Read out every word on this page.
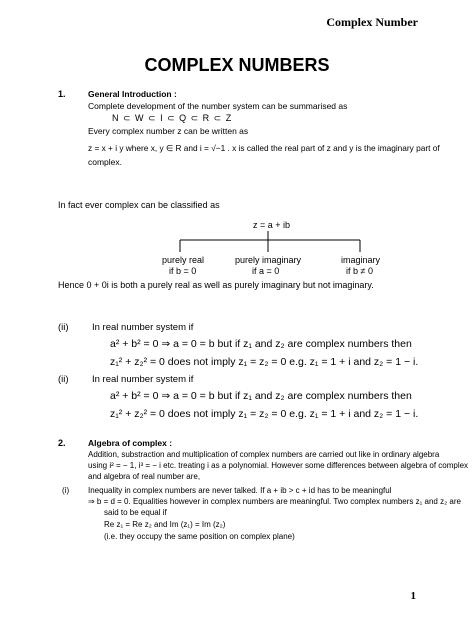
Complex Number
COMPLEX NUMBERS
1.	General Introduction :
Complete development of the number system can be summarised as
N ⊂ W ⊂ I ⊂ Q ⊂ R ⊂ Z
Every complex number z can be written as
z = x + i y where x, y ∈ R and i = √−1 . x is called the real part of z and y is the imaginary part of
complex.
In fact ever complex can be classified as
z = a + ib
purely real
if b = 0
purely imaginary
if a = 0
imaginary
if b ≠ 0
Hence 0 + 0i is both a purely real as well as purely imaginary but not imaginary.
(ii) In real number system if
a² + b² = 0 ⇒ a = 0 = b but if z₁ and z₂ are complex numbers then
z₁² + z₂² = 0 does not imply z₁ = z₂ = 0 e.g. z₁ = 1 + i and z₂ = 1 − i.
(ii) In real number system if
a² + b² = 0 ⇒ a = 0 = b but if z₁ and z₂ are complex numbers then
z₁² + z₂² = 0 does not imply z₁ = z₂ = 0 e.g. z₁ = 1 + i and z₂ = 1 − i.
2.	Algebra of complex :
Addition, substraction and multiplication of complex numbers are carried out like in ordinary algebra
using i² = − 1, i³ = − i etc. treating i as a polynomial. However some differences between algebra of complex
and algebra of real number are,
(i) Inequality in complex numbers are never talked. If a + ib > c + id has to be meaningful
⇒ b = d = 0. Equalities however in complex numbers are meaningful. Two complex numbers z₁ and z₂ are
said to be equal if
Re z₁ = Re z₂ and Im (z₁) = Im (z₂)
(i.e. they occupy the same position on complex plane)
1
